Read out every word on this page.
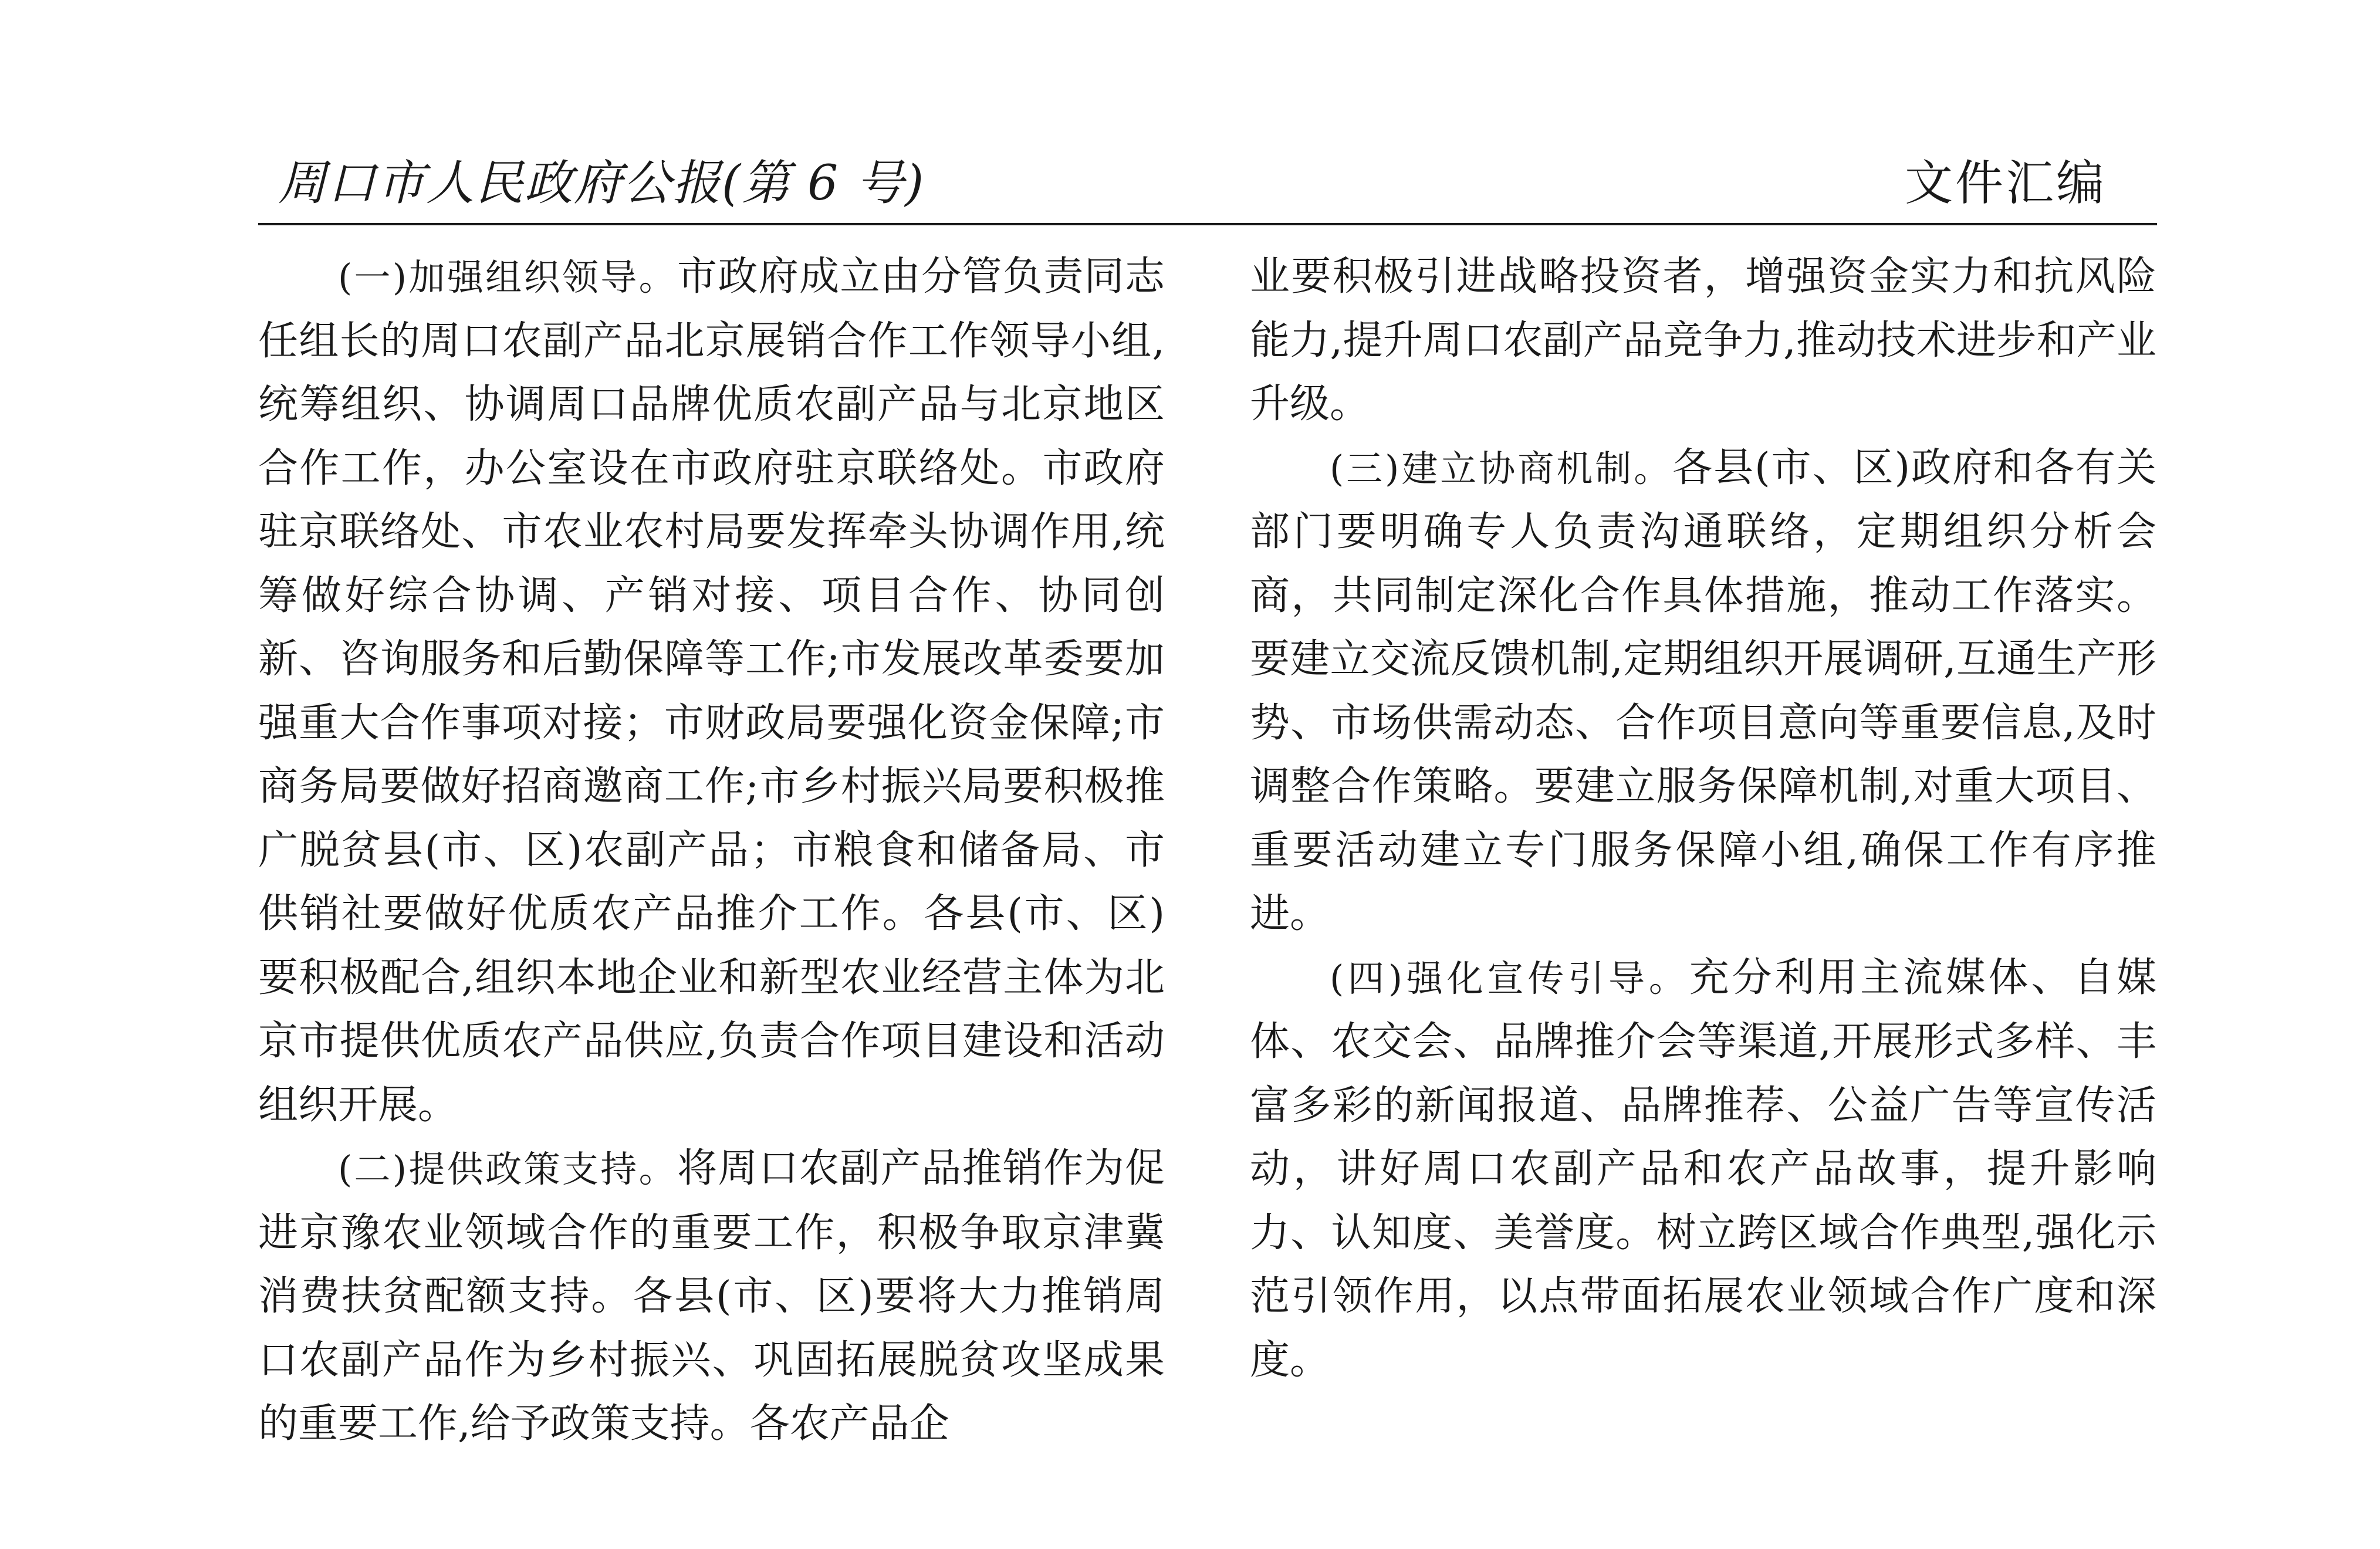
周口市人民政府公报(第 6 号)	文件汇编

(一)加强组织领导。市政府成立由分管负责同志任组长的周口农副产品北京展销合作工作领导小组,统筹组织、协调周口品牌优质农副产品与北京地区合作工作，办公室设在市政府驻京联络处。市政府驻京联络处、市农业农村局要发挥牵头协调作用,统筹做好综合协调、产销对接、项目合作、协同创新、咨询服务和后勤保障等工作;市发展改革委要加强重大合作事项对接；市财政局要强化资金保障;市商务局要做好招商邀商工作;市乡村振兴局要积极推广脱贫县(市、区)农副产品；市粮食和储备局、市供销社要做好优质农产品推介工作。各县(市、区)要积极配合,组织本地企业和新型农业经营主体为北京市提供优质农产品供应,负责合作项目建设和活动组织开展。

(二)提供政策支持。将周口农副产品推销作为促进京豫农业领域合作的重要工作，积极争取京津冀消费扶贫配额支持。各县(市、区)要将大力推销周口农副产品作为乡村振兴、巩固拓展脱贫攻坚成果的重要工作,给予政策支持。各农产品企

业要积极引进战略投资者，增强资金实力和抗风险能力,提升周口农副产品竞争力,推动技术进步和产业升级。

(三)建立协商机制。各县(市、区)政府和各有关部门要明确专人负责沟通联络，定期组织分析会商，共同制定深化合作具体措施，推动工作落实。要建立交流反馈机制,定期组织开展调研,互通生产形势、市场供需动态、合作项目意向等重要信息,及时调整合作策略。要建立服务保障机制,对重大项目、重要活动建立专门服务保障小组,确保工作有序推进。

(四)强化宣传引导。充分利用主流媒体、自媒体、农交会、品牌推介会等渠道,开展形式多样、丰富多彩的新闻报道、品牌推荐、公益广告等宣传活动，讲好周口农副产品和农产品故事，提升影响力、认知度、美誉度。树立跨区域合作典型,强化示范引领作用，以点带面拓展农业领域合作广度和深度。
